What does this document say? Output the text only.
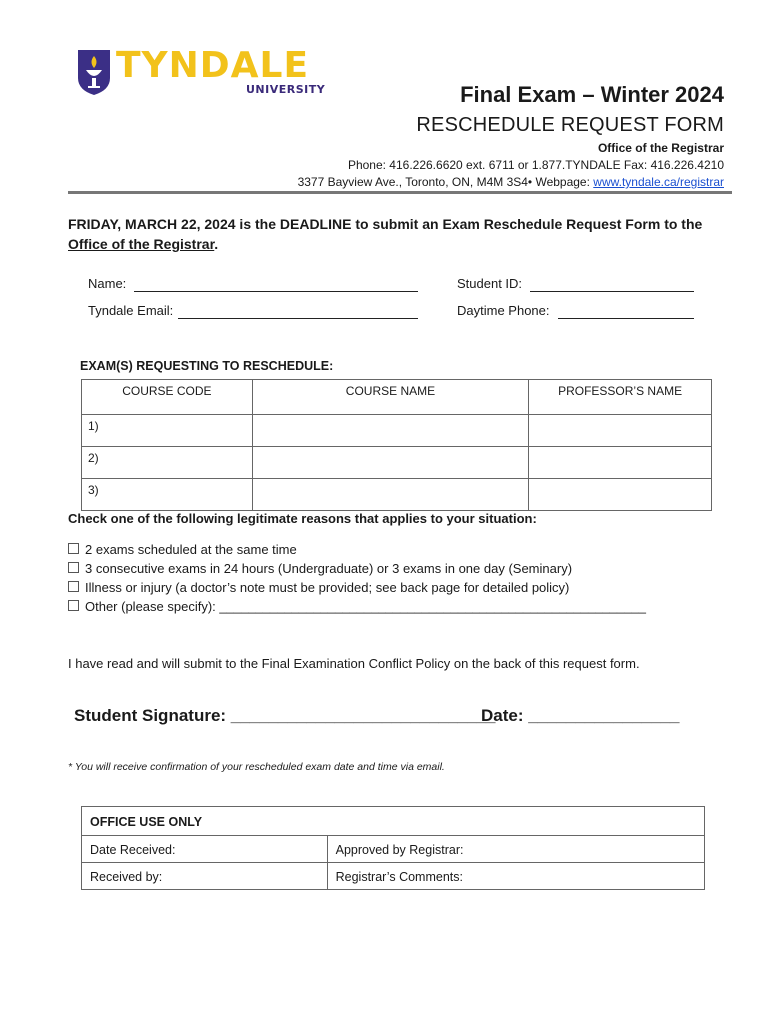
TYNDALE
UNIVERSITY	Final Exam – Winter 2024
RESCHEDULE REQUEST FORM
Office of the Registrar
Phone: 416.226.6620 ext. 6711 or 1.877.TYNDALE Fax: 416.226.4210
3377 Bayview Ave., Toronto, ON, M4M 3S4• Webpage: www.tyndale.ca/registrar
FRIDAY, MARCH 22, 2024 is the DEADLINE to submit an Exam Reschedule Request Form to the Office of the Registrar.
Name:	Student ID:
Tyndale Email:	Daytime Phone:
EXAM(S) REQUESTING TO RESCHEDULE:
COURSE CODE	COURSE NAME	PROFESSOR’S NAME
1)		
2)		
3)		
Check one of the following legitimate reasons that applies to your situation:
2 exams scheduled at the same time
3 consecutive exams in 24 hours (Undergraduate) or 3 exams in one day (Seminary)
Illness or injury (a doctor’s note must be provided; see back page for detailed policy)
Other (please specify): ___________________________________________________________
I have read and will submit to the Final Examination Conflict Policy on the back of this request form.
Student Signature: ____________________________
Date: ________________
* You will receive confirmation of your rescheduled exam date and time via email.
OFFICE USE ONLY	
Date Received:	Approved by Registrar:
Received by:	Registrar’s Comments:
